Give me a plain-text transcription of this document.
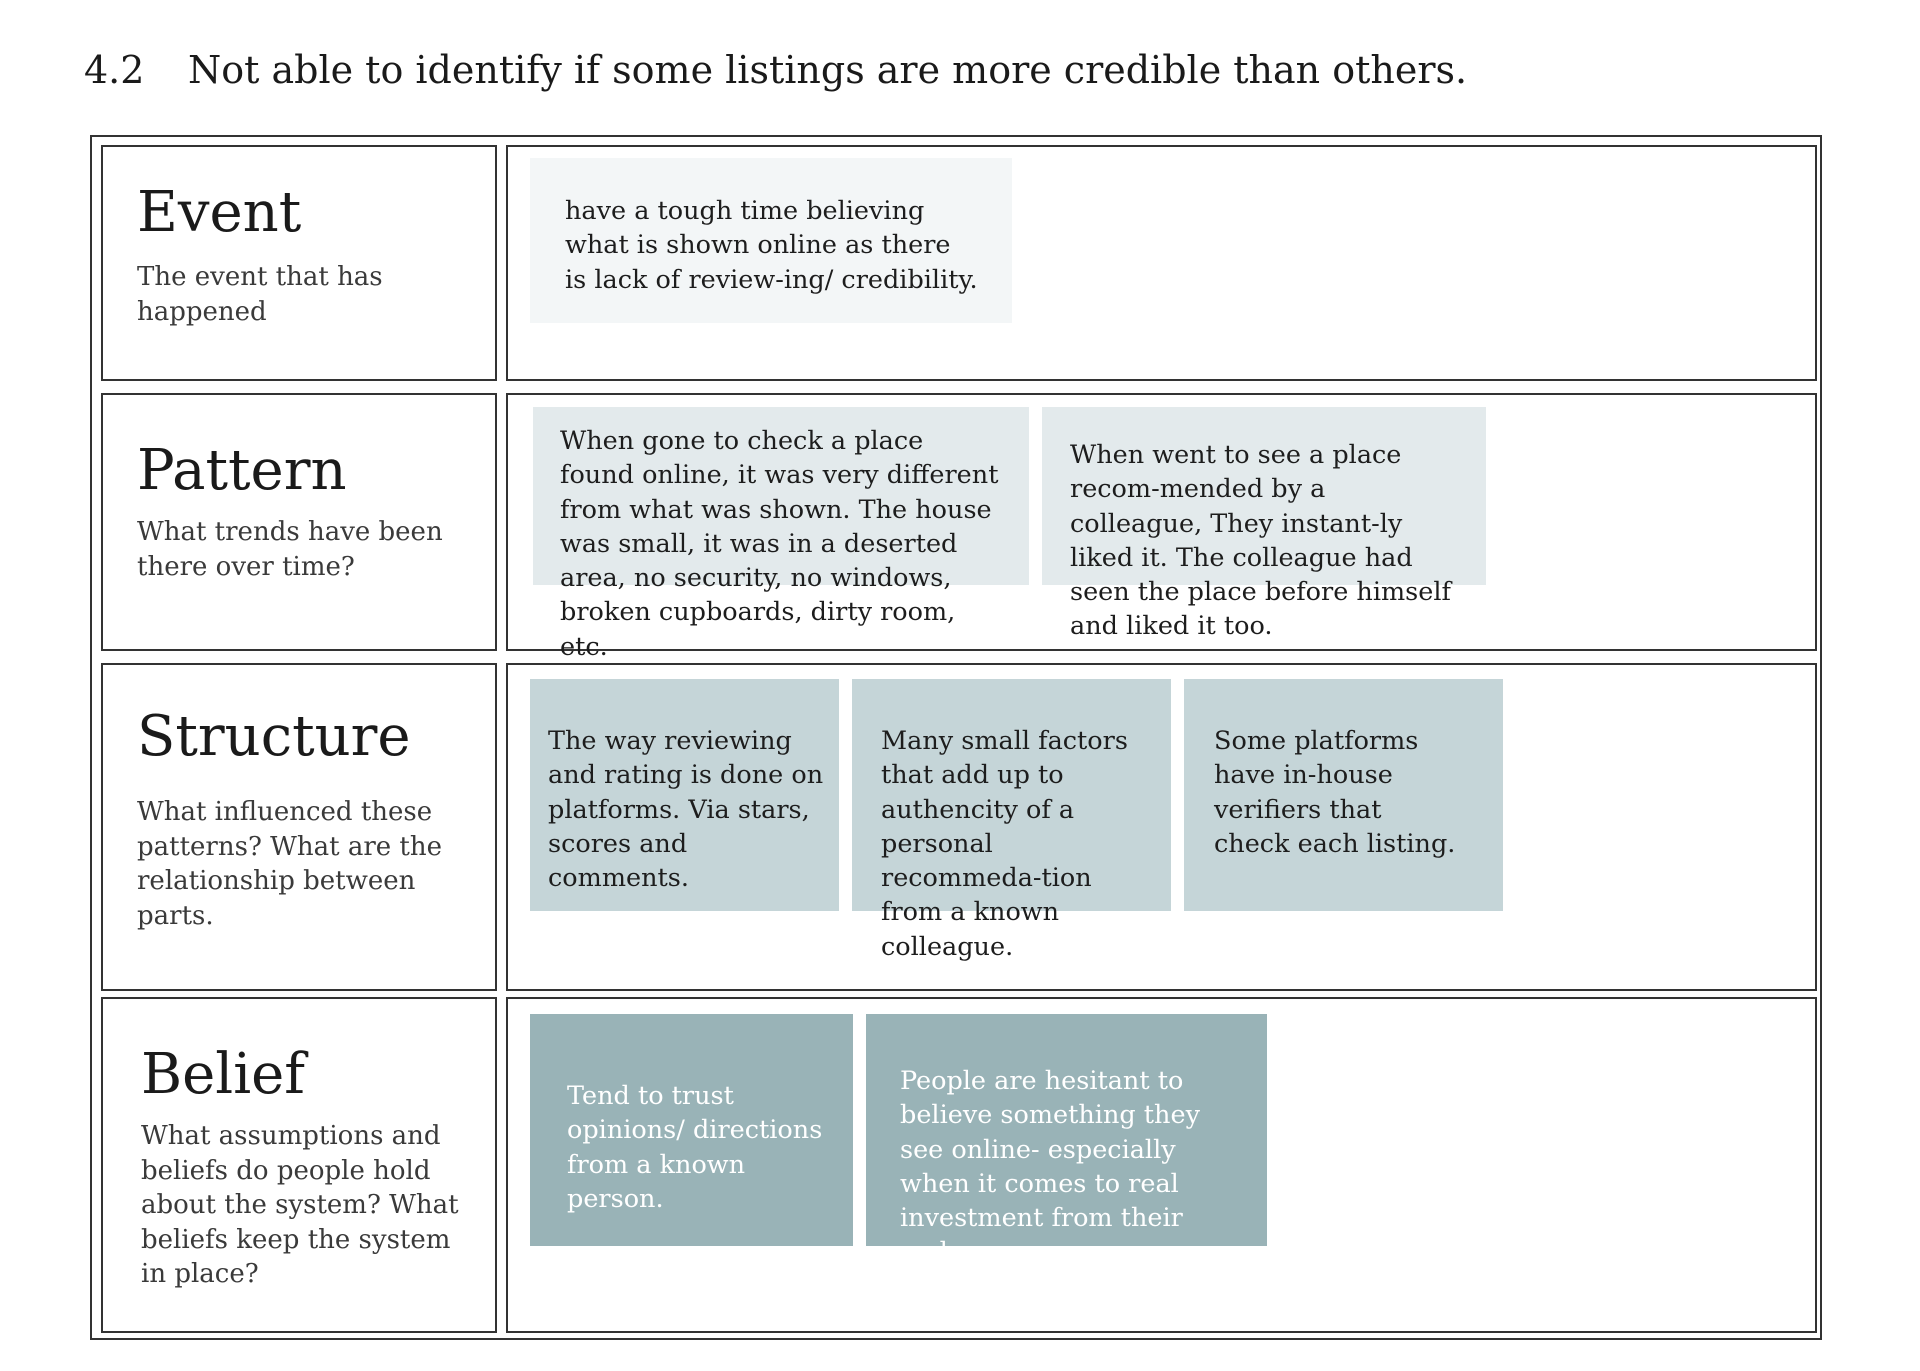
4.2 Not able to identify if some listings are more credible than others.
Event

The event that has happened

have a tough time believing what is shown online as there is lack of review-ing/ credibility.

Pattern

What trends have been there over time?

When gone to check a place found online, it was very different from what was shown. The house was small, it was in a deserted area, no security, no windows, broken cupboards, dirty room, etc.

When went to see a place recom-mended by a colleague, They instant-ly liked it. The colleague had seen the place before himself and liked it too.

Structure

What influenced these patterns? What are the relationship between parts.

The way reviewing and rating is done on platforms. Via stars, scores and comments.

Many small factors that add up to authencity of a personal recommeda-tion from a known colleague.

Some platforms have in-house verifiers that check each listing.

Belief

What assumptions and beliefs do people hold about the system? What beliefs keep the system in place?

Tend to trust opinions/ directions from a known person.

People are hesitant to believe something they see online- especially when it comes to real investment from their end.
